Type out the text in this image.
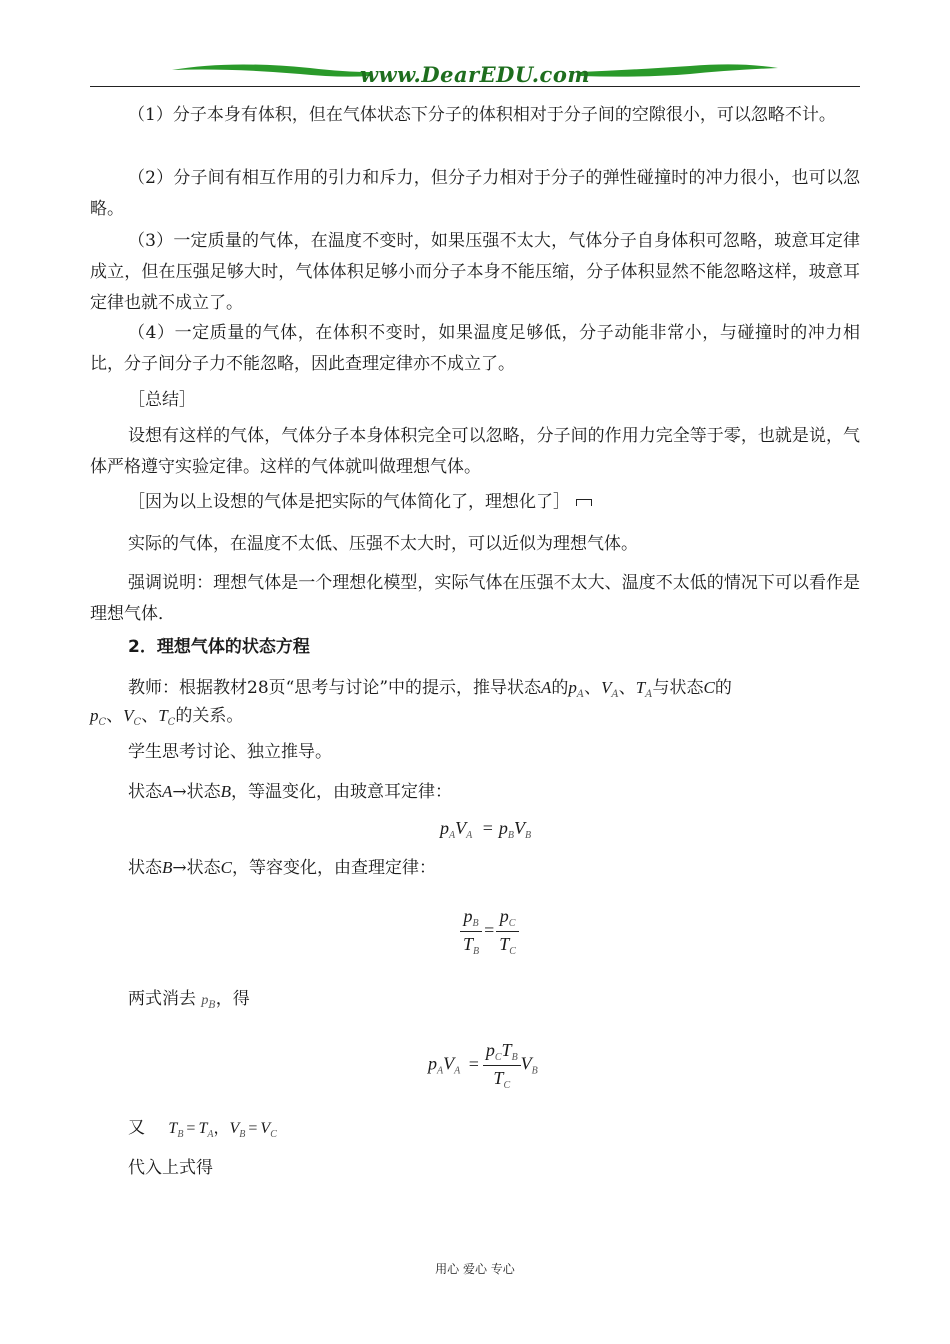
www.DearEDU.com
（1）分子本身有体积，但在气体状态下分子的体积相对于分子间的空隙很小，可以忽略不计。
（2）分子间有相互作用的引力和斥力，但分子力相对于分子的弹性碰撞时的冲力很小，也可以忽略。
（3）一定质量的气体，在温度不变时，如果压强不太大，气体分子自身体积可忽略，玻意耳定律成立，但在压强足够大时，气体体积足够小而分子本身不能压缩，分子体积显然不能忽略这样，玻意耳定律也就不成立了。
（4）一定质量的气体，在体积不变时，如果温度足够低，分子动能非常小，与碰撞时的冲力相比，分子间分子力不能忽略，因此查理定律亦不成立了。
［总结］
设想有这样的气体，气体分子本身体积完全可以忽略，分子间的作用力完全等于零，也就是说，气体严格遵守实验定律。这样的气体就叫做理想气体。
［因为以上设想的气体是把实际的气体简化了，理想化了］
实际的气体，在温度不太低、压强不太大时，可以近似为理想气体。
强调说明：理想气体是一个理想化模型，实际气体在压强不太大、温度不太低的情况下可以看作是理想气体．
2．理想气体的状态方程
教师：根据教材28页“思考与讨论”中的提示，推导状态A的$p_A$、$V_A$、$T_A$与状态C的
$p_C$、$V_C$、$T_C$的关系。
学生思考讨论、独立推导。
状态A→状态B，等温变化，由玻意耳定律：
$p_AV_A = p_BV_B$
状态B→状态C，等容变化，由查理定律：
$\frac{p_B}{T_B} = \frac{p_C}{T_C}$
两式消去 $p_B$，得
$p_AV_A = \frac{p_CT_B}{T_C} V_B$
又 $T_B = T_A$，$V_B = V_C$
代入上式得
用心 爱心 专心
